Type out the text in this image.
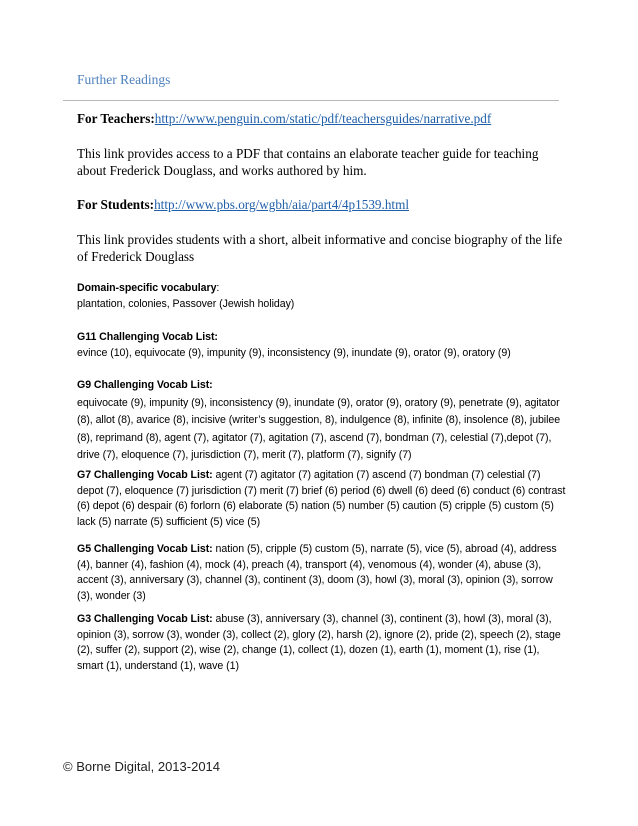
Further Readings
For Teachers:http://www.penguin.com/static/pdf/teachersguides/narrative.pdf
This link provides access to a PDF that contains an elaborate teacher guide for teaching about Frederick Douglass, and works authored by him.
For Students:http://www.pbs.org/wgbh/aia/part4/4p1539.html
This link provides students with a short, albeit informative and concise biography of the life of Frederick Douglass
Domain-specific vocabulary:
plantation, colonies, Passover (Jewish holiday)
G11 Challenging Vocab List:
evince (10), equivocate (9), impunity (9), inconsistency (9), inundate (9), orator (9), oratory (9)
G9 Challenging Vocab List:
equivocate (9), impunity (9), inconsistency (9), inundate (9), orator (9), oratory (9), penetrate (9), agitator (8), allot (8), avarice (8), incisive (writer’s suggestion, 8), indulgence (8), infinite (8), insolence (8), jubilee (8), reprimand (8), agent (7), agitator (7), agitation (7), ascend (7), bondman (7), celestial (7),depot (7), drive (7), eloquence (7), jurisdiction (7), merit (7), platform (7), signify (7)
G7 Challenging Vocab List: agent (7) agitator (7) agitation (7) ascend (7) bondman (7) celestial (7) depot (7), eloquence (7) jurisdiction (7) merit (7) brief (6) period (6) dwell (6) deed (6) conduct (6) contrast (6) depot (6) despair (6) forlorn (6) elaborate (5) nation (5) number (5) caution (5) cripple (5) custom (5) lack (5) narrate (5) sufficient (5) vice (5)
G5 Challenging Vocab List: nation (5), cripple (5) custom (5), narrate (5), vice (5), abroad (4), address (4), banner (4), fashion (4), mock (4), preach (4), transport (4), venomous (4), wonder (4), abuse (3), accent (3), anniversary (3), channel (3), continent (3), doom (3), howl (3), moral (3), opinion (3), sorrow (3), wonder (3)
G3 Challenging Vocab List: abuse (3), anniversary (3), channel (3), continent (3), howl (3), moral (3), opinion (3), sorrow (3), wonder (3), collect (2), glory (2), harsh (2), ignore (2), pride (2), speech (2), stage (2), suffer (2), support (2), wise (2), change (1), collect (1), dozen (1), earth (1), moment (1), rise (1), smart (1), understand (1), wave (1)
© Borne Digital, 2013-2014
